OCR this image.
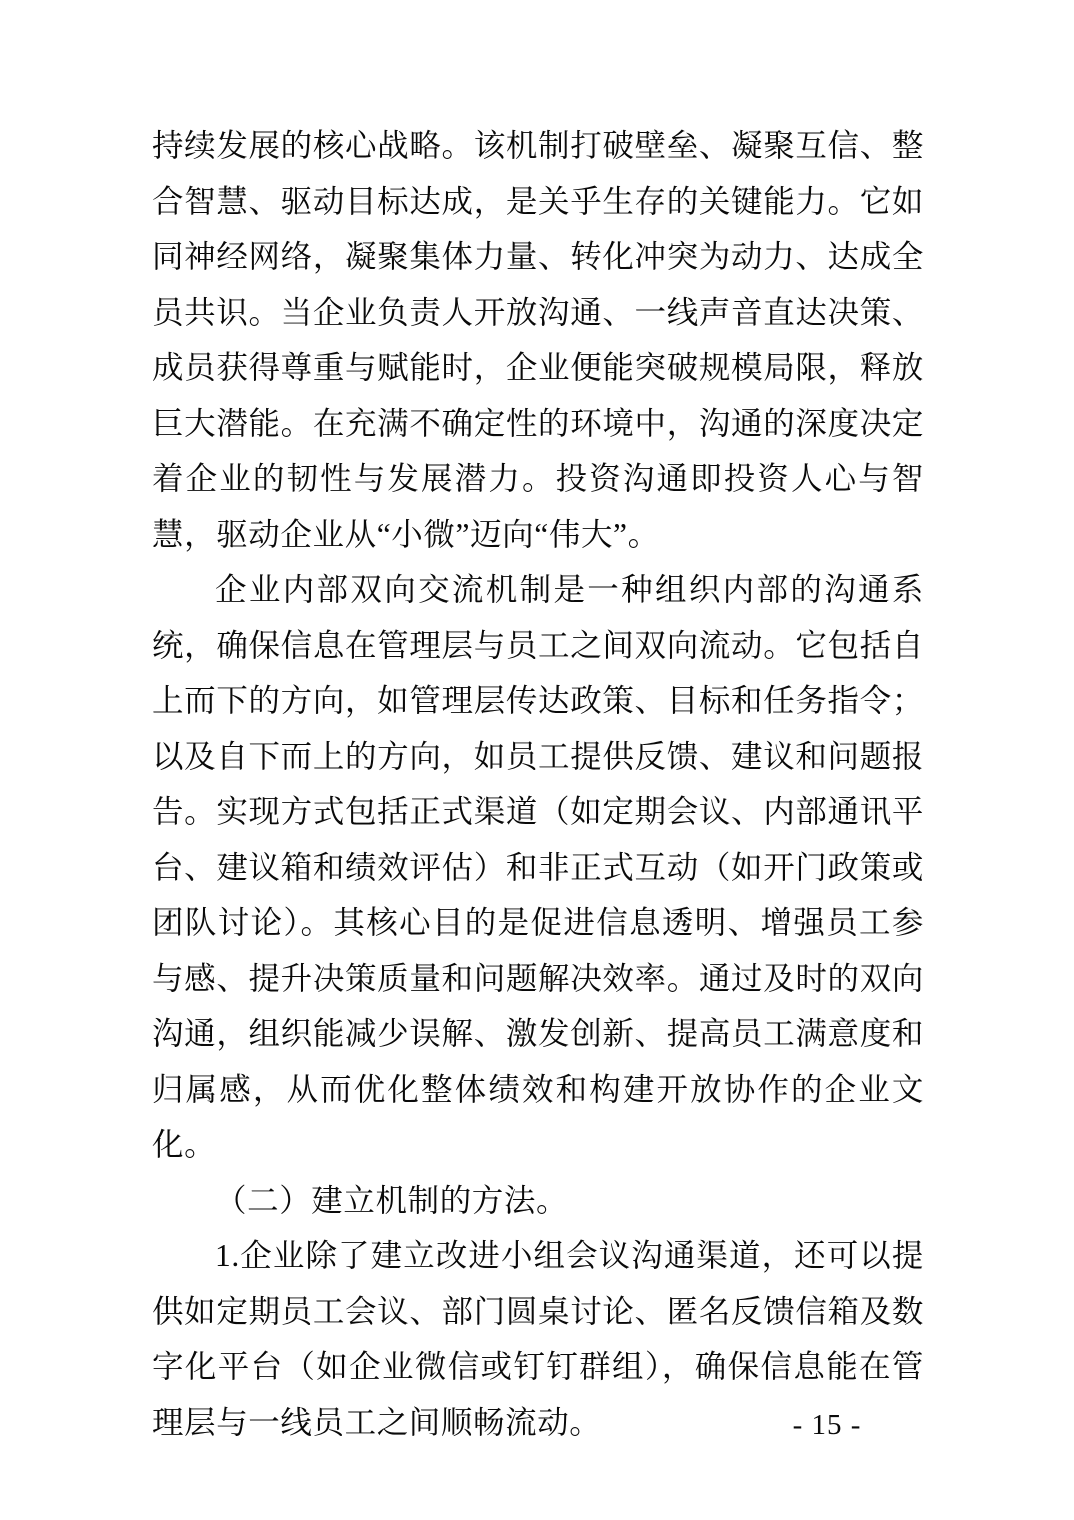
持续发展的核心战略。该机制打破壁垒、凝聚互信、整合智慧、驱动目标达成，是关乎生存的关键能力。它如同神经网络，凝聚集体力量、转化冲突为动力、达成全员共识。当企业负责人开放沟通、一线声音直达决策、成员获得尊重与赋能时，企业便能突破规模局限，释放巨大潜能。在充满不确定性的环境中，沟通的深度决定着企业的韧性与发展潜力。投资沟通即投资人心与智慧，驱动企业从“小微”迈向“伟大”。

企业内部双向交流机制是一种组织内部的沟通系统，确保信息在管理层与员工之间双向流动。它包括自上而下的方向，如管理层传达政策、目标和任务指令；以及自下而上的方向，如员工提供反馈、建议和问题报告。实现方式包括正式渠道（如定期会议、内部通讯平台、建议箱和绩效评估）和非正式互动（如开门政策或团队讨论）。其核心目的是促进信息透明、增强员工参与感、提升决策质量和问题解决效率。通过及时的双向沟通，组织能减少误解、激发创新、提高员工满意度和归属感，从而优化整体绩效和构建开放协作的企业文化。

（二）建立机制的方法。

1.企业除了建立改进小组会议沟通渠道，还可以提供如定期员工会议、部门圆桌讨论、匿名反馈信箱及数字化平台（如企业微信或钉钉群组），确保信息能在管理层与一线员工之间顺畅流动。	- 15 -
